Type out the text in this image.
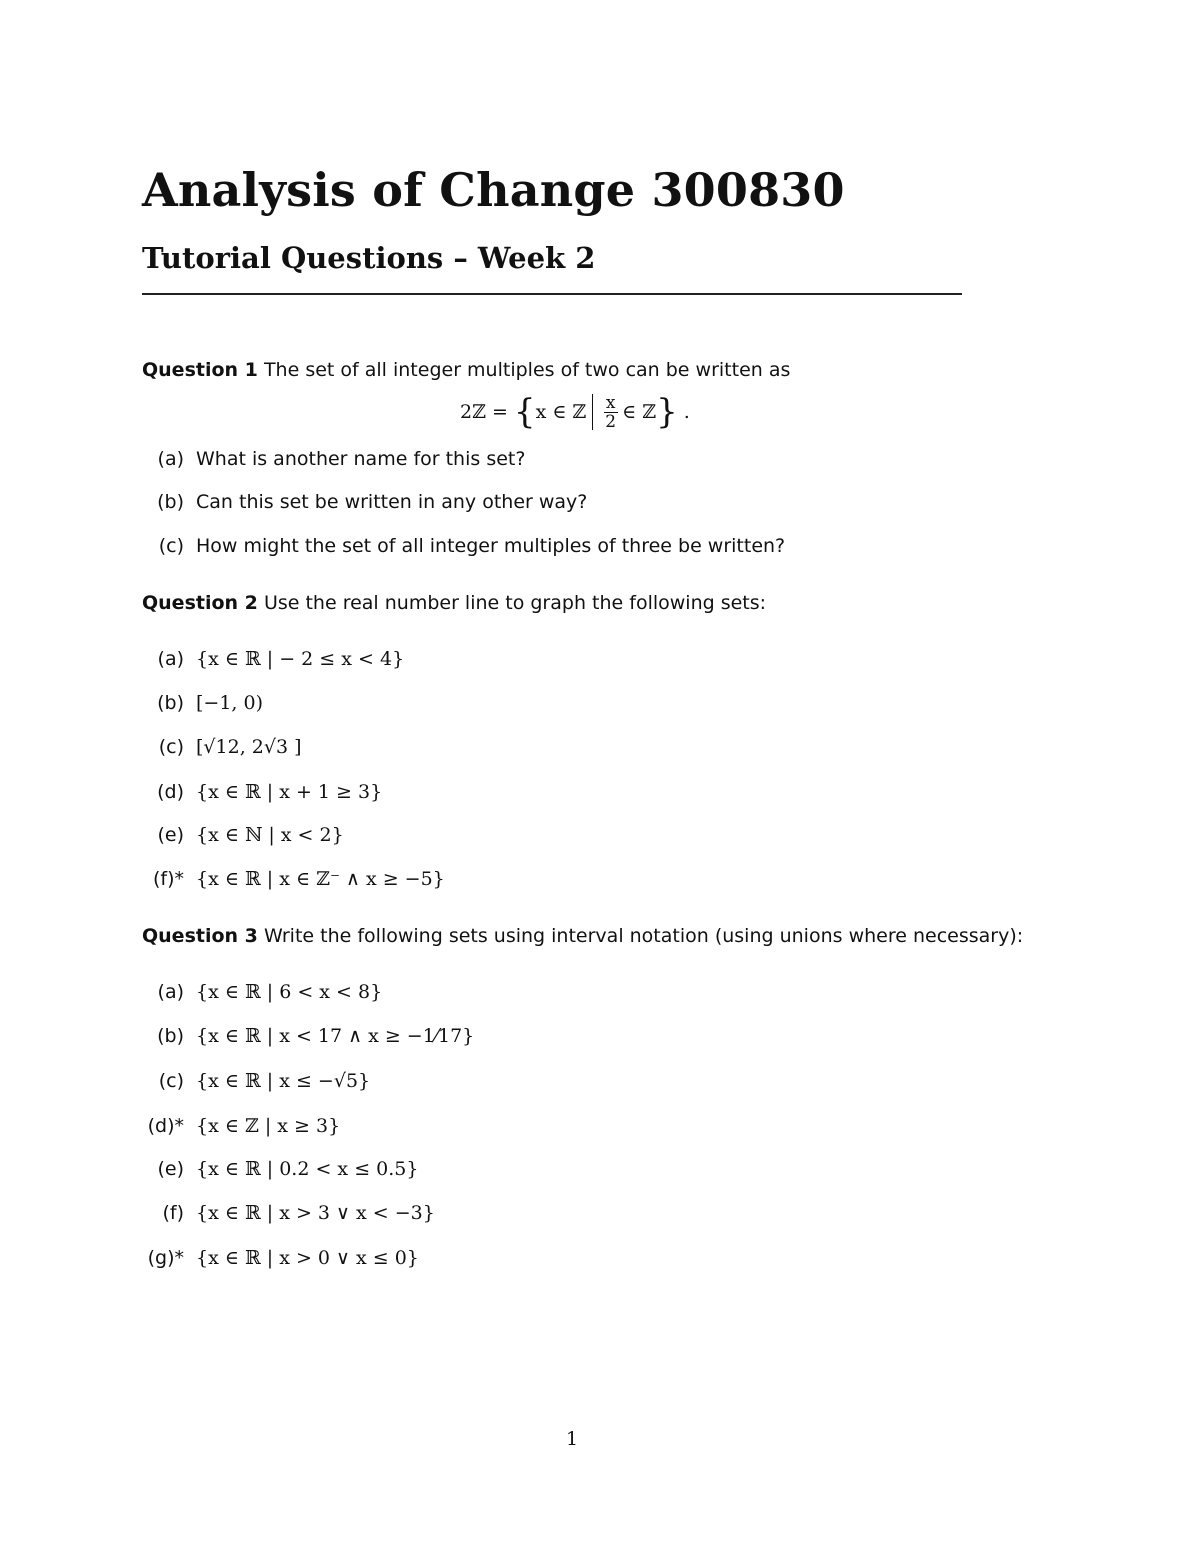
Analysis of Change 300830
Tutorial Questions – Week 2
Question 1 The set of all integer multiples of two can be written as
2ℤ = { x ∈ ℤ $\frac{x}{2}$ ∈ ℤ } .
(a) What is another name for this set?
(b) Can this set be written in any other way?
(c) How might the set of all integer multiples of three be written?
Question 2 Use the real number line to graph the following sets:
(a) {x ∈ ℝ | − 2 ≤ x < 4}
(b) [−1, 0)
(c) [√12, 2√3 ]
(d) {x ∈ ℝ | x + 1 ≥ 3}
(e) {x ∈ ℕ | x < 2}
(f)* {x ∈ ℝ | x ∈ ℤ⁻ ∧ x ≥ −5}
Question 3 Write the following sets using interval notation (using unions where necessary):
(a) {x ∈ ℝ | 6 < x < 8}
(b) {x ∈ ℝ | x < 17 ∧ x ≥ −1⁄17}
(c) {x ∈ ℝ | x ≤ −√5}
(d)* {x ∈ ℤ | x ≥ 3}
(e) {x ∈ ℝ | 0.2 < x ≤ 0.5}
(f) {x ∈ ℝ | x > 3 ∨ x < −3}
(g)* {x ∈ ℝ | x > 0 ∨ x ≤ 0}
1
